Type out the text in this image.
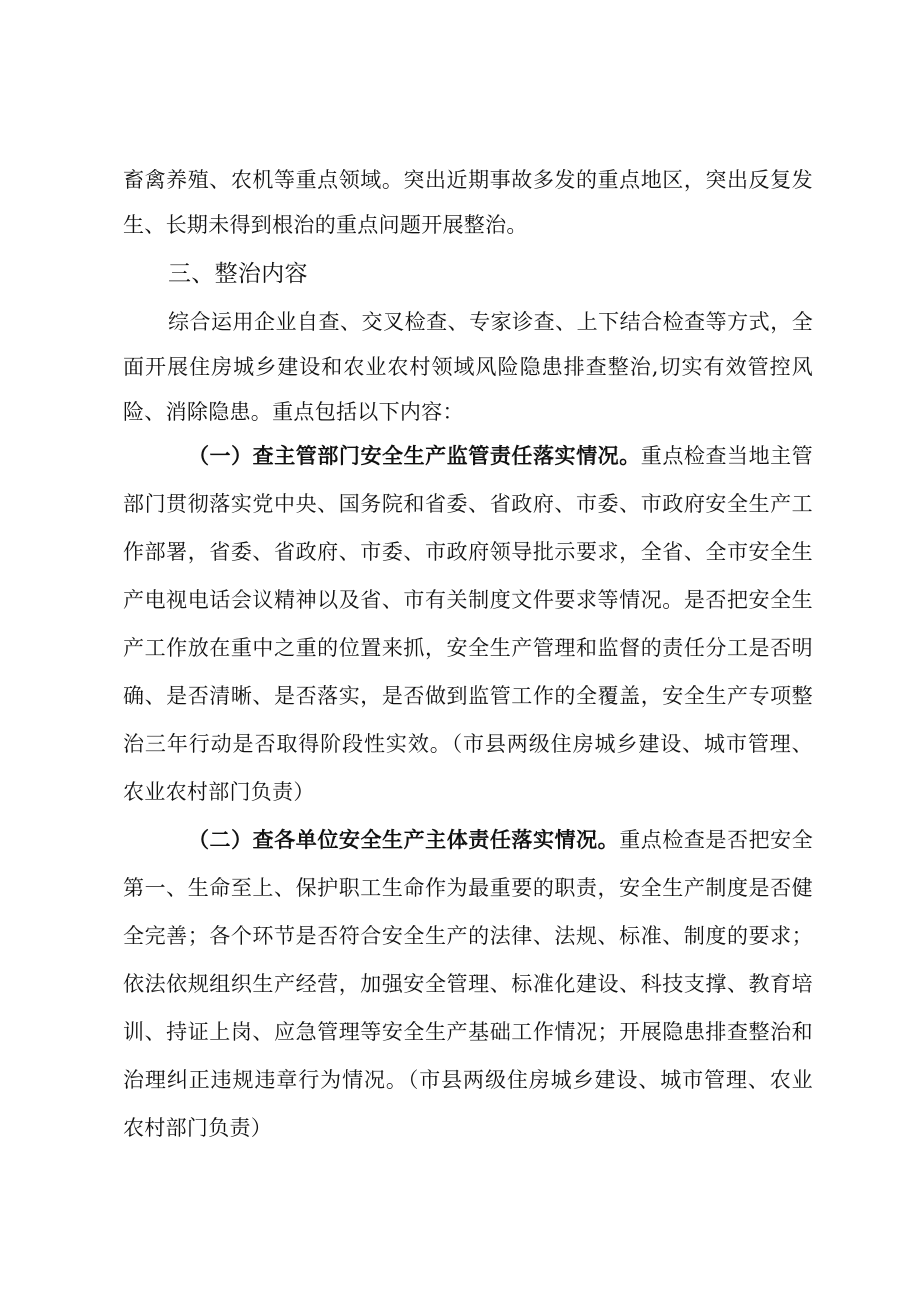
畜禽养殖、农机等重点领域。突出近期事故多发的重点地区，突出反复发
生、长期未得到根治的重点问题开展整治。
三、整治内容
综合运用企业自查、交叉检查、专家诊查、上下结合检查等方式，全
面开展住房城乡建设和农业农村领域风险隐患排查整治,切实有效管控风
险、消除隐患。重点包括以下内容：
（一）查主管部门安全生产监管责任落实情况。重点检查当地主管
部门贯彻落实党中央、国务院和省委、省政府、市委、市政府安全生产工
作部署，省委、省政府、市委、市政府领导批示要求，全省、全市安全生
产电视电话会议精神以及省、市有关制度文件要求等情况。是否把安全生
产工作放在重中之重的位置来抓，安全生产管理和监督的责任分工是否明
确、是否清晰、是否落实，是否做到监管工作的全覆盖，安全生产专项整
治三年行动是否取得阶段性实效。（市县两级住房城乡建设、城市管理、
农业农村部门负责）
（二）查各单位安全生产主体责任落实情况。重点检查是否把安全
第一、生命至上、保护职工生命作为最重要的职责，安全生产制度是否健
全完善；各个环节是否符合安全生产的法律、法规、标准、制度的要求；
依法依规组织生产经营，加强安全管理、标准化建设、科技支撑、教育培
训、持证上岗、应急管理等安全生产基础工作情况；开展隐患排查整治和
治理纠正违规违章行为情况。（市县两级住房城乡建设、城市管理、农业
农村部门负责）
